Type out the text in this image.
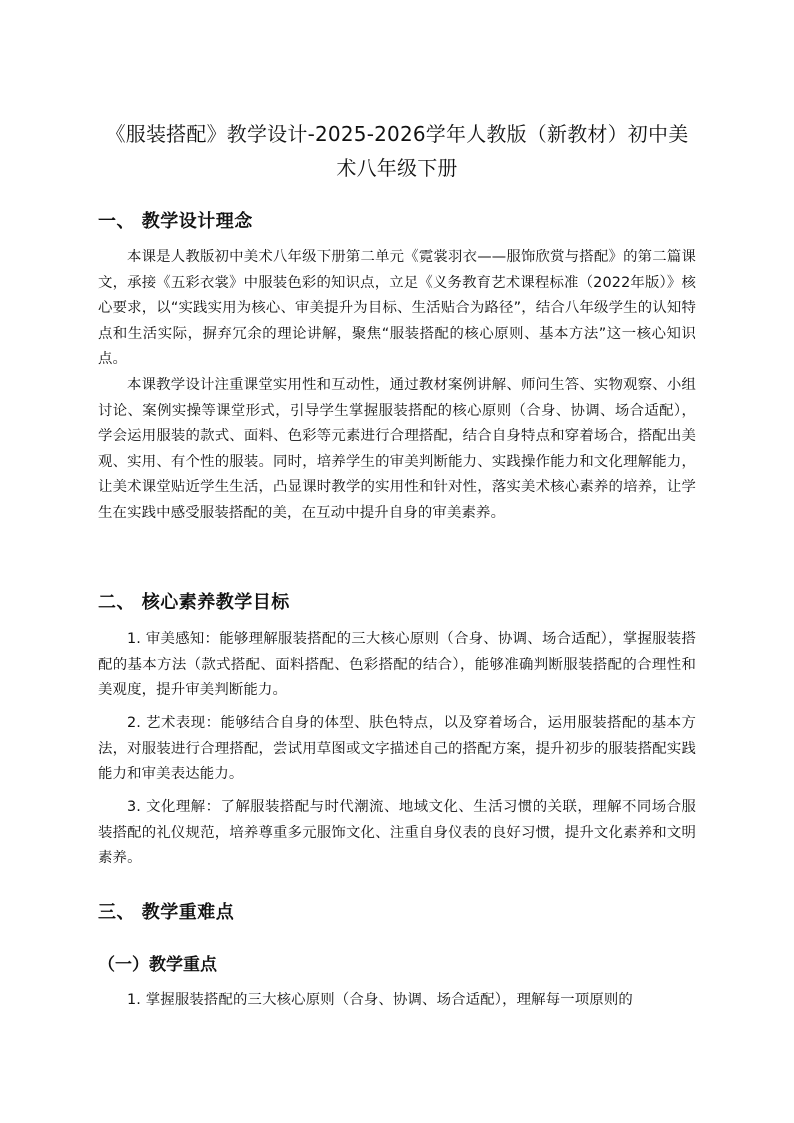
《服装搭配》教学设计-2025-2026学年人教版（新教材）初中美术八年级下册
一、 教学设计理念

本课是人教版初中美术八年级下册第二单元《霓裳羽衣——服饰欣赏与搭配》的第二篇课文，承接《五彩衣裳》中服装色彩的知识点，立足《义务教育艺术课程标准（2022年版）》核心要求，以“实践实用为核心、审美提升为目标、生活贴合为路径”，结合八年级学生的认知特点和生活实际，摒弃冗余的理论讲解，聚焦“服装搭配的核心原则、基本方法”这一核心知识点。

本课教学设计注重课堂实用性和互动性，通过教材案例讲解、师问生答、实物观察、小组讨论、案例实操等课堂形式，引导学生掌握服装搭配的核心原则（合身、协调、场合适配），学会运用服装的款式、面料、色彩等元素进行合理搭配，结合自身特点和穿着场合，搭配出美观、实用、有个性的服装。同时，培养学生的审美判断能力、实践操作能力和文化理解能力，让美术课堂贴近学生生活，凸显课时教学的实用性和针对性，落实美术核心素养的培养，让学生在实践中感受服装搭配的美，在互动中提升自身的审美素养。

二、 核心素养教学目标

1. 审美感知：能够理解服装搭配的三大核心原则（合身、协调、场合适配），掌握服装搭配的基本方法（款式搭配、面料搭配、色彩搭配的结合），能够准确判断服装搭配的合理性和美观度，提升审美判断能力。

2. 艺术表现：能够结合自身的体型、肤色特点，以及穿着场合，运用服装搭配的基本方法，对服装进行合理搭配，尝试用草图或文字描述自己的搭配方案，提升初步的服装搭配实践能力和审美表达能力。

3. 文化理解：了解服装搭配与时代潮流、地域文化、生活习惯的关联，理解不同场合服装搭配的礼仪规范，培养尊重多元服饰文化、注重自身仪表的良好习惯，提升文化素养和文明素养。

三、 教学重难点
（一）教学重点

1. 掌握服装搭配的三大核心原则（合身、协调、场合适配），理解每一项原则的
